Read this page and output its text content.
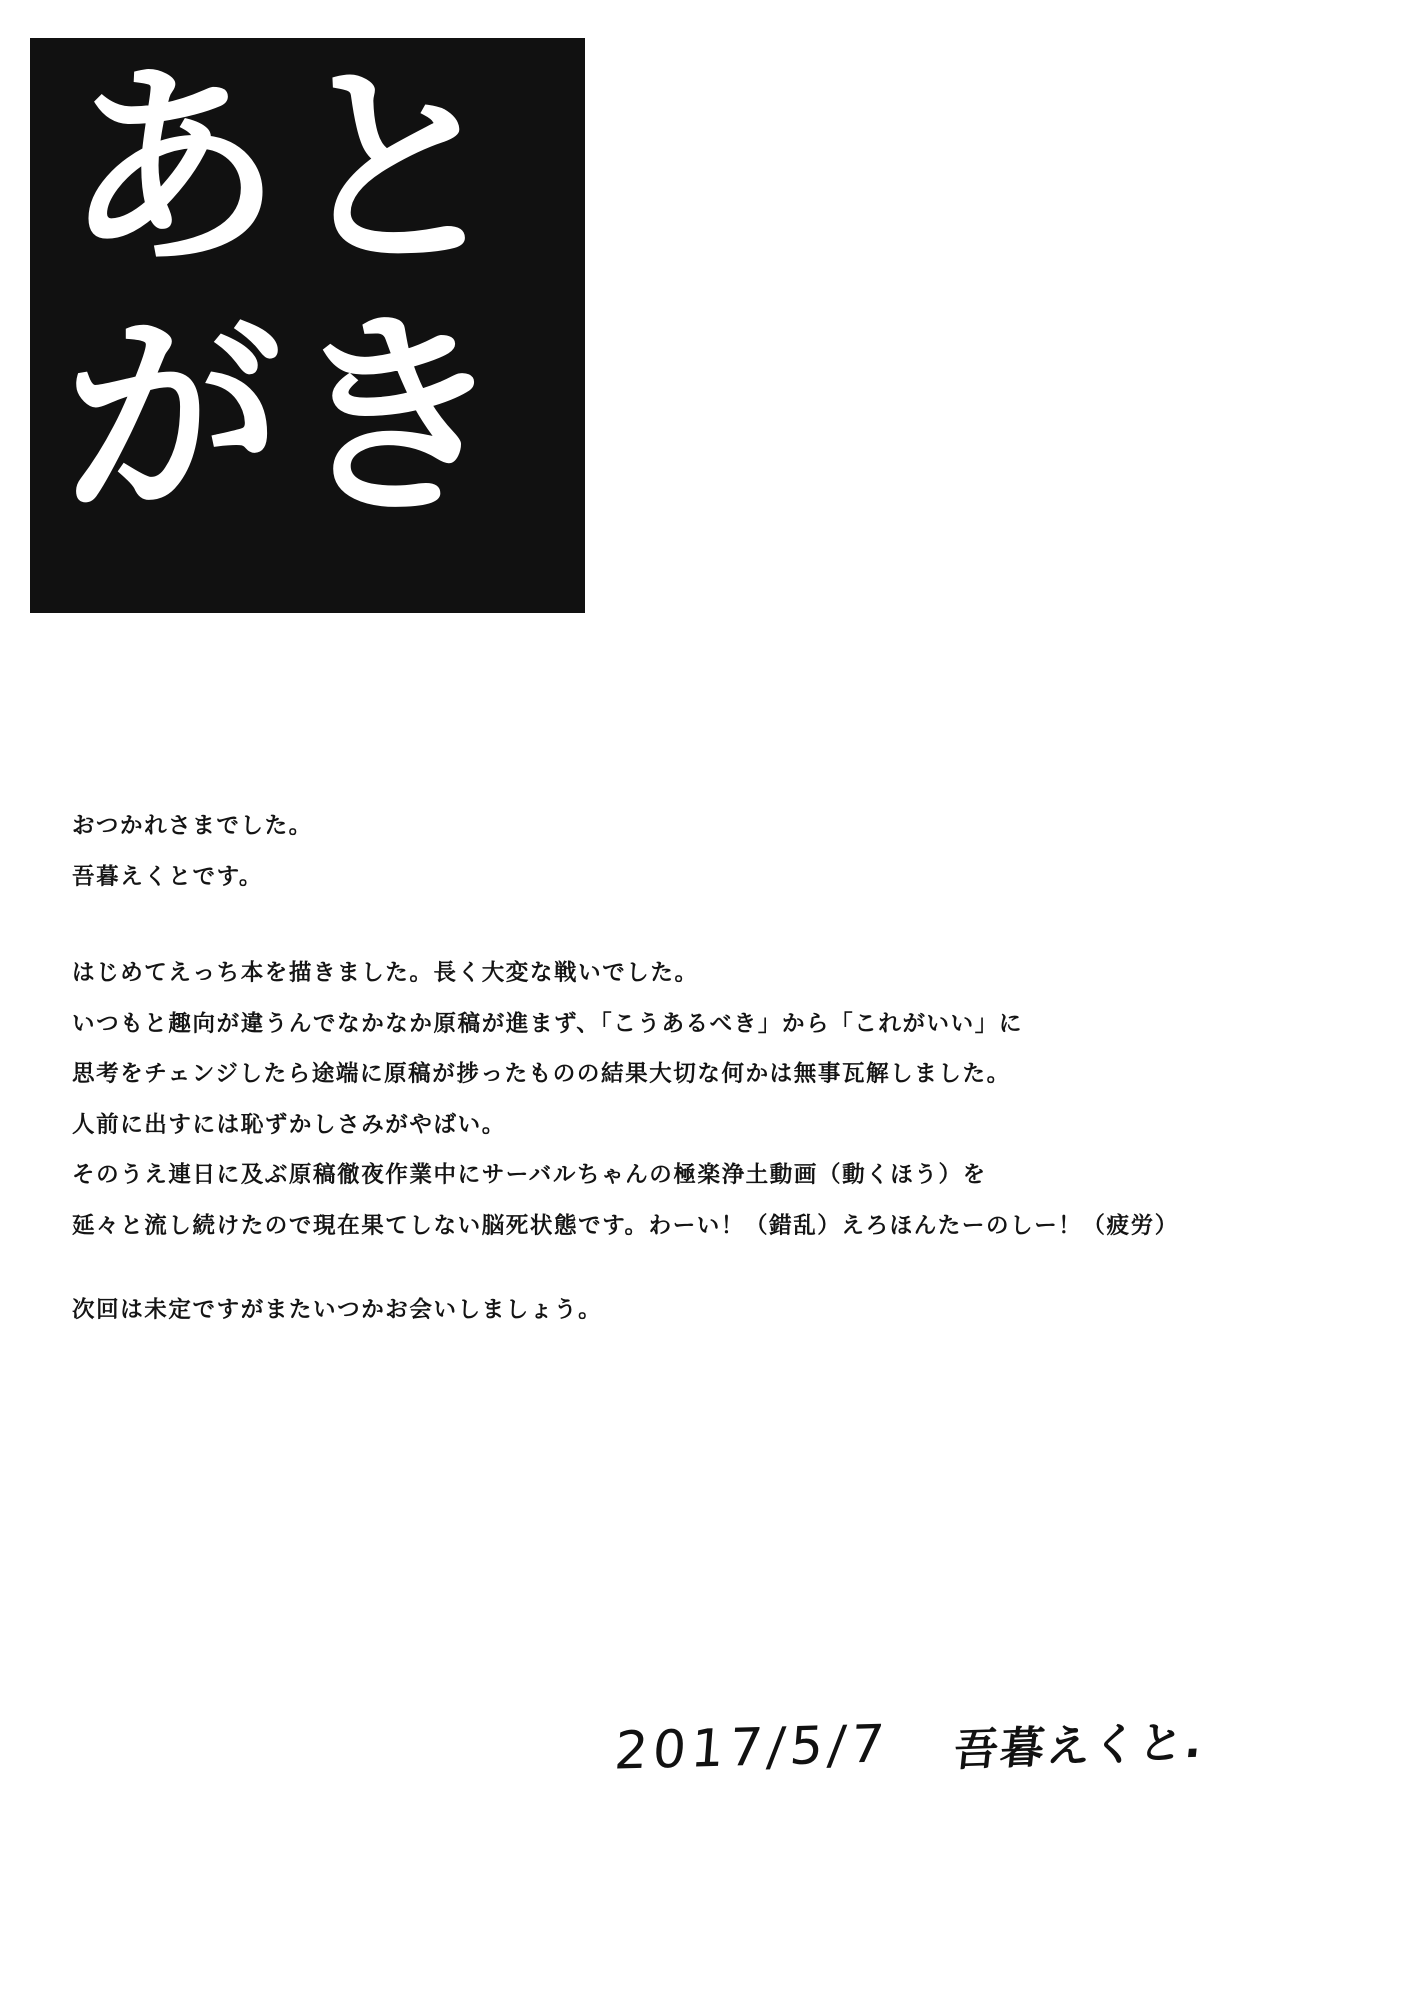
あと
がき
おつかれさまでした。
吾暮えくとです。
はじめてえっち本を描きました。長く大変な戦いでした。
いつもと趣向が違うんでなかなか原稿が進まず、「こうあるべき」から「これがいい」に
思考をチェンジしたら途端に原稿が捗ったものの結果大切な何かは無事瓦解しました。
人前に出すには恥ずかしさみがやばい。
そのうえ連日に及ぶ原稿徹夜作業中にサーバルちゃんの極楽浄土動画（動くほう）を
延々と流し続けたので現在果てしない脳死状態です。わーい！（錯乱）えろほんたーのしー！（疲労）
次回は未定ですがまたいつかお会いしましょう。
2017/5/7 吾暮えくと.
